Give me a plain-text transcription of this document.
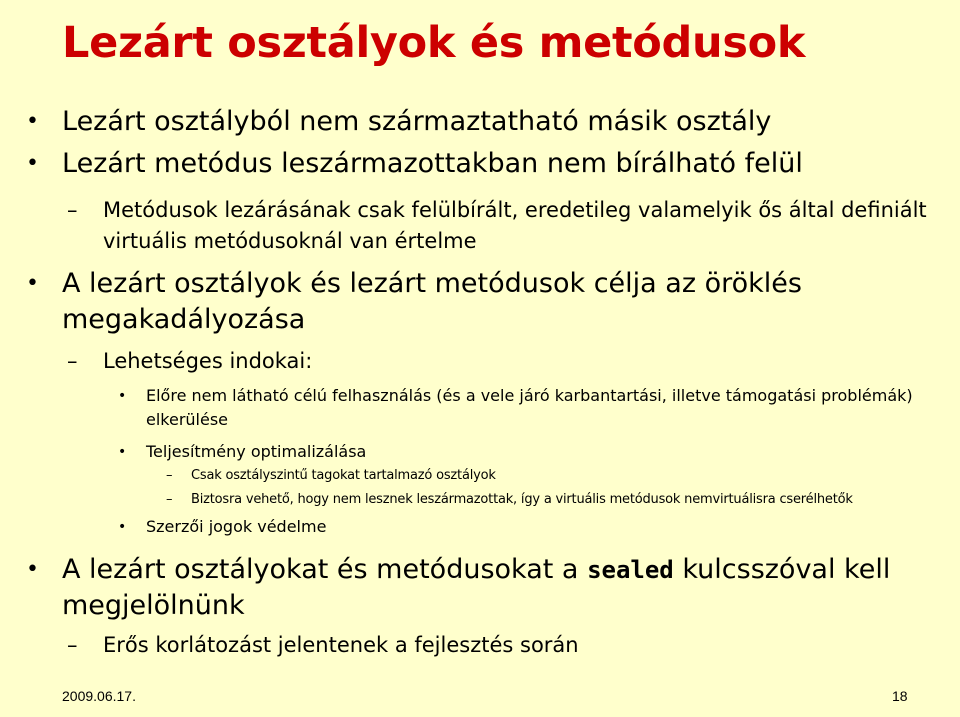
Lezárt osztályok és metódusok
• Lezárt osztályból nem származtatható másik osztály
• Lezárt metódus leszármazottakban nem bírálható felül
– Metódusok lezárásának csak felülbírált, eredetileg valamelyik ős által definiált virtuális metódusoknál van értelme
• A lezárt osztályok és lezárt metódusok célja az öröklés megakadályozása
– Lehetséges indokai:
• Előre nem látható célú felhasználás (és a vele járó karbantartási, illetve támogatási problémák) elkerülése
• Teljesítmény optimalizálása
– Csak osztályszintű tagokat tartalmazó osztályok
– Biztosra vehető, hogy nem lesznek leszármazottak, így a virtuális metódusok nemvirtuálisra cserélhetők
• Szerzői jogok védelme
• A lezárt osztályokat és metódusokat a sealed kulcsszóval kell megjelölnünk
– Erős korlátozást jelentenek a fejlesztés során
2009.06.17.	18
